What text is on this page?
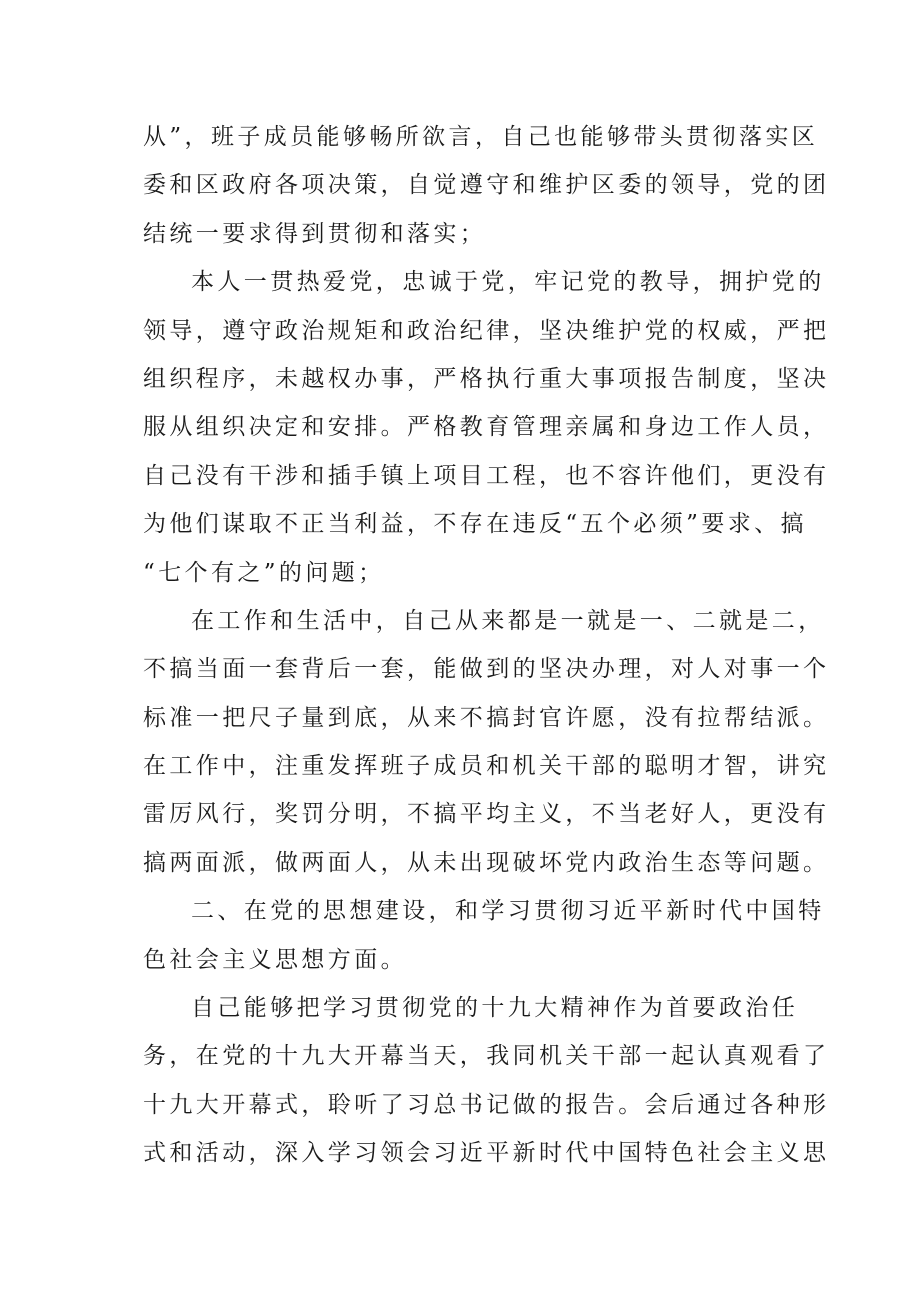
从”，班子成员能够畅所欲言，自己也能够带头贯彻落实区
委和区政府各项决策，自觉遵守和维护区委的领导，党的团
结统一要求得到贯彻和落实；
本人一贯热爱党，忠诚于党，牢记党的教导，拥护党的
领导，遵守政治规矩和政治纪律，坚决维护党的权威，严把
组织程序，未越权办事，严格执行重大事项报告制度，坚决
服从组织决定和安排。严格教育管理亲属和身边工作人员，
自己没有干涉和插手镇上项目工程，也不容许他们，更没有
为他们谋取不正当利益，不存在违反“五个必须”要求、搞
“七个有之”的问题；
在工作和生活中，自己从来都是一就是一、二就是二，
不搞当面一套背后一套，能做到的坚决办理，对人对事一个
标准一把尺子量到底，从来不搞封官许愿，没有拉帮结派。
在工作中，注重发挥班子成员和机关干部的聪明才智，讲究
雷厉风行，奖罚分明，不搞平均主义，不当老好人，更没有
搞两面派，做两面人，从未出现破坏党内政治生态等问题。
二、在党的思想建设，和学习贯彻习近平新时代中国特
色社会主义思想方面。
自己能够把学习贯彻党的十九大精神作为首要政治任
务，在党的十九大开幕当天，我同机关干部一起认真观看了
十九大开幕式，聆听了习总书记做的报告。会后通过各种形
式和活动，深入学习领会习近平新时代中国特色社会主义思
